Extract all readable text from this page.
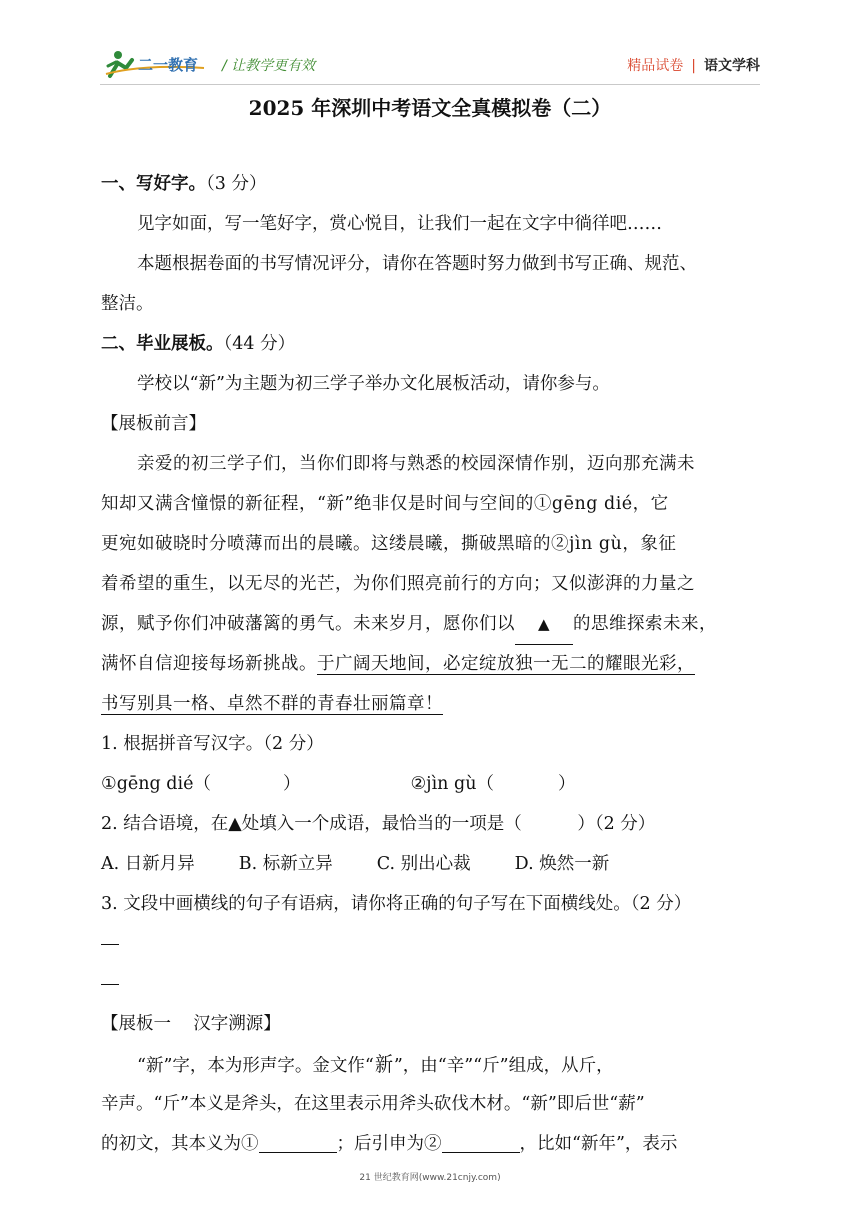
二一教育 / 让教学更有效	精品试卷 | 语文学科
2025 年深圳中考语文全真模拟卷（二）
一、写好字。（3 分）
见字如面，写一笔好字，赏心悦目，让我们一起在文字中徜徉吧……
本题根据卷面的书写情况评分，请你在答题时努力做到书写正确、规范、
整洁。
二、毕业展板。（44 分）
学校以“新”为主题为初三学子举办文化展板活动，请你参与。
【展板前言】
亲爱的初三学子们，当你们即将与熟悉的校园深情作别，迈向那充满未
知却又满含憧憬的新征程，“新”绝非仅是时间与空间的①gēng dié，它
更宛如破晓时分喷薄而出的晨曦。这缕晨曦，撕破黑暗的②jìn gù，象征
着希望的重生，以无尽的光芒，为你们照亮前行的方向；又似澎湃的力量之
源，赋予你们冲破藩篱的勇气。未来岁月，愿你们以 ▲ 的思维探索未来，
满怀自信迎接每场新挑战。于广阔天地间，必定绽放独一无二的耀眼光彩，
书写别具一格、卓然不群的青春壮丽篇章！
1. 根据拼音写汉字。（2 分）
①gēng dié（	）	②jìn gù（	）
2. 结合语境，在▲处填入一个成语，最恰当的一项是（          ）（2 分）
A. 日新月异	B. 标新立异	C. 别出心裁	D. 焕然一新
3. 文段中画横线的句子有语病，请你将正确的句子写在下面横线处。（2 分）
【展板一    汉字溯源】
“新”字，本为形声字。金文作“新”，由“辛”“斤”组成，从斤，
辛声。“斤”本义是斧头，在这里表示用斧头砍伐木材。“新”即后世“薪”
的初文，其本义为①	；后引申为②	，比如“新年”，表示
21 世纪教育网(www.21cnjy.com)
